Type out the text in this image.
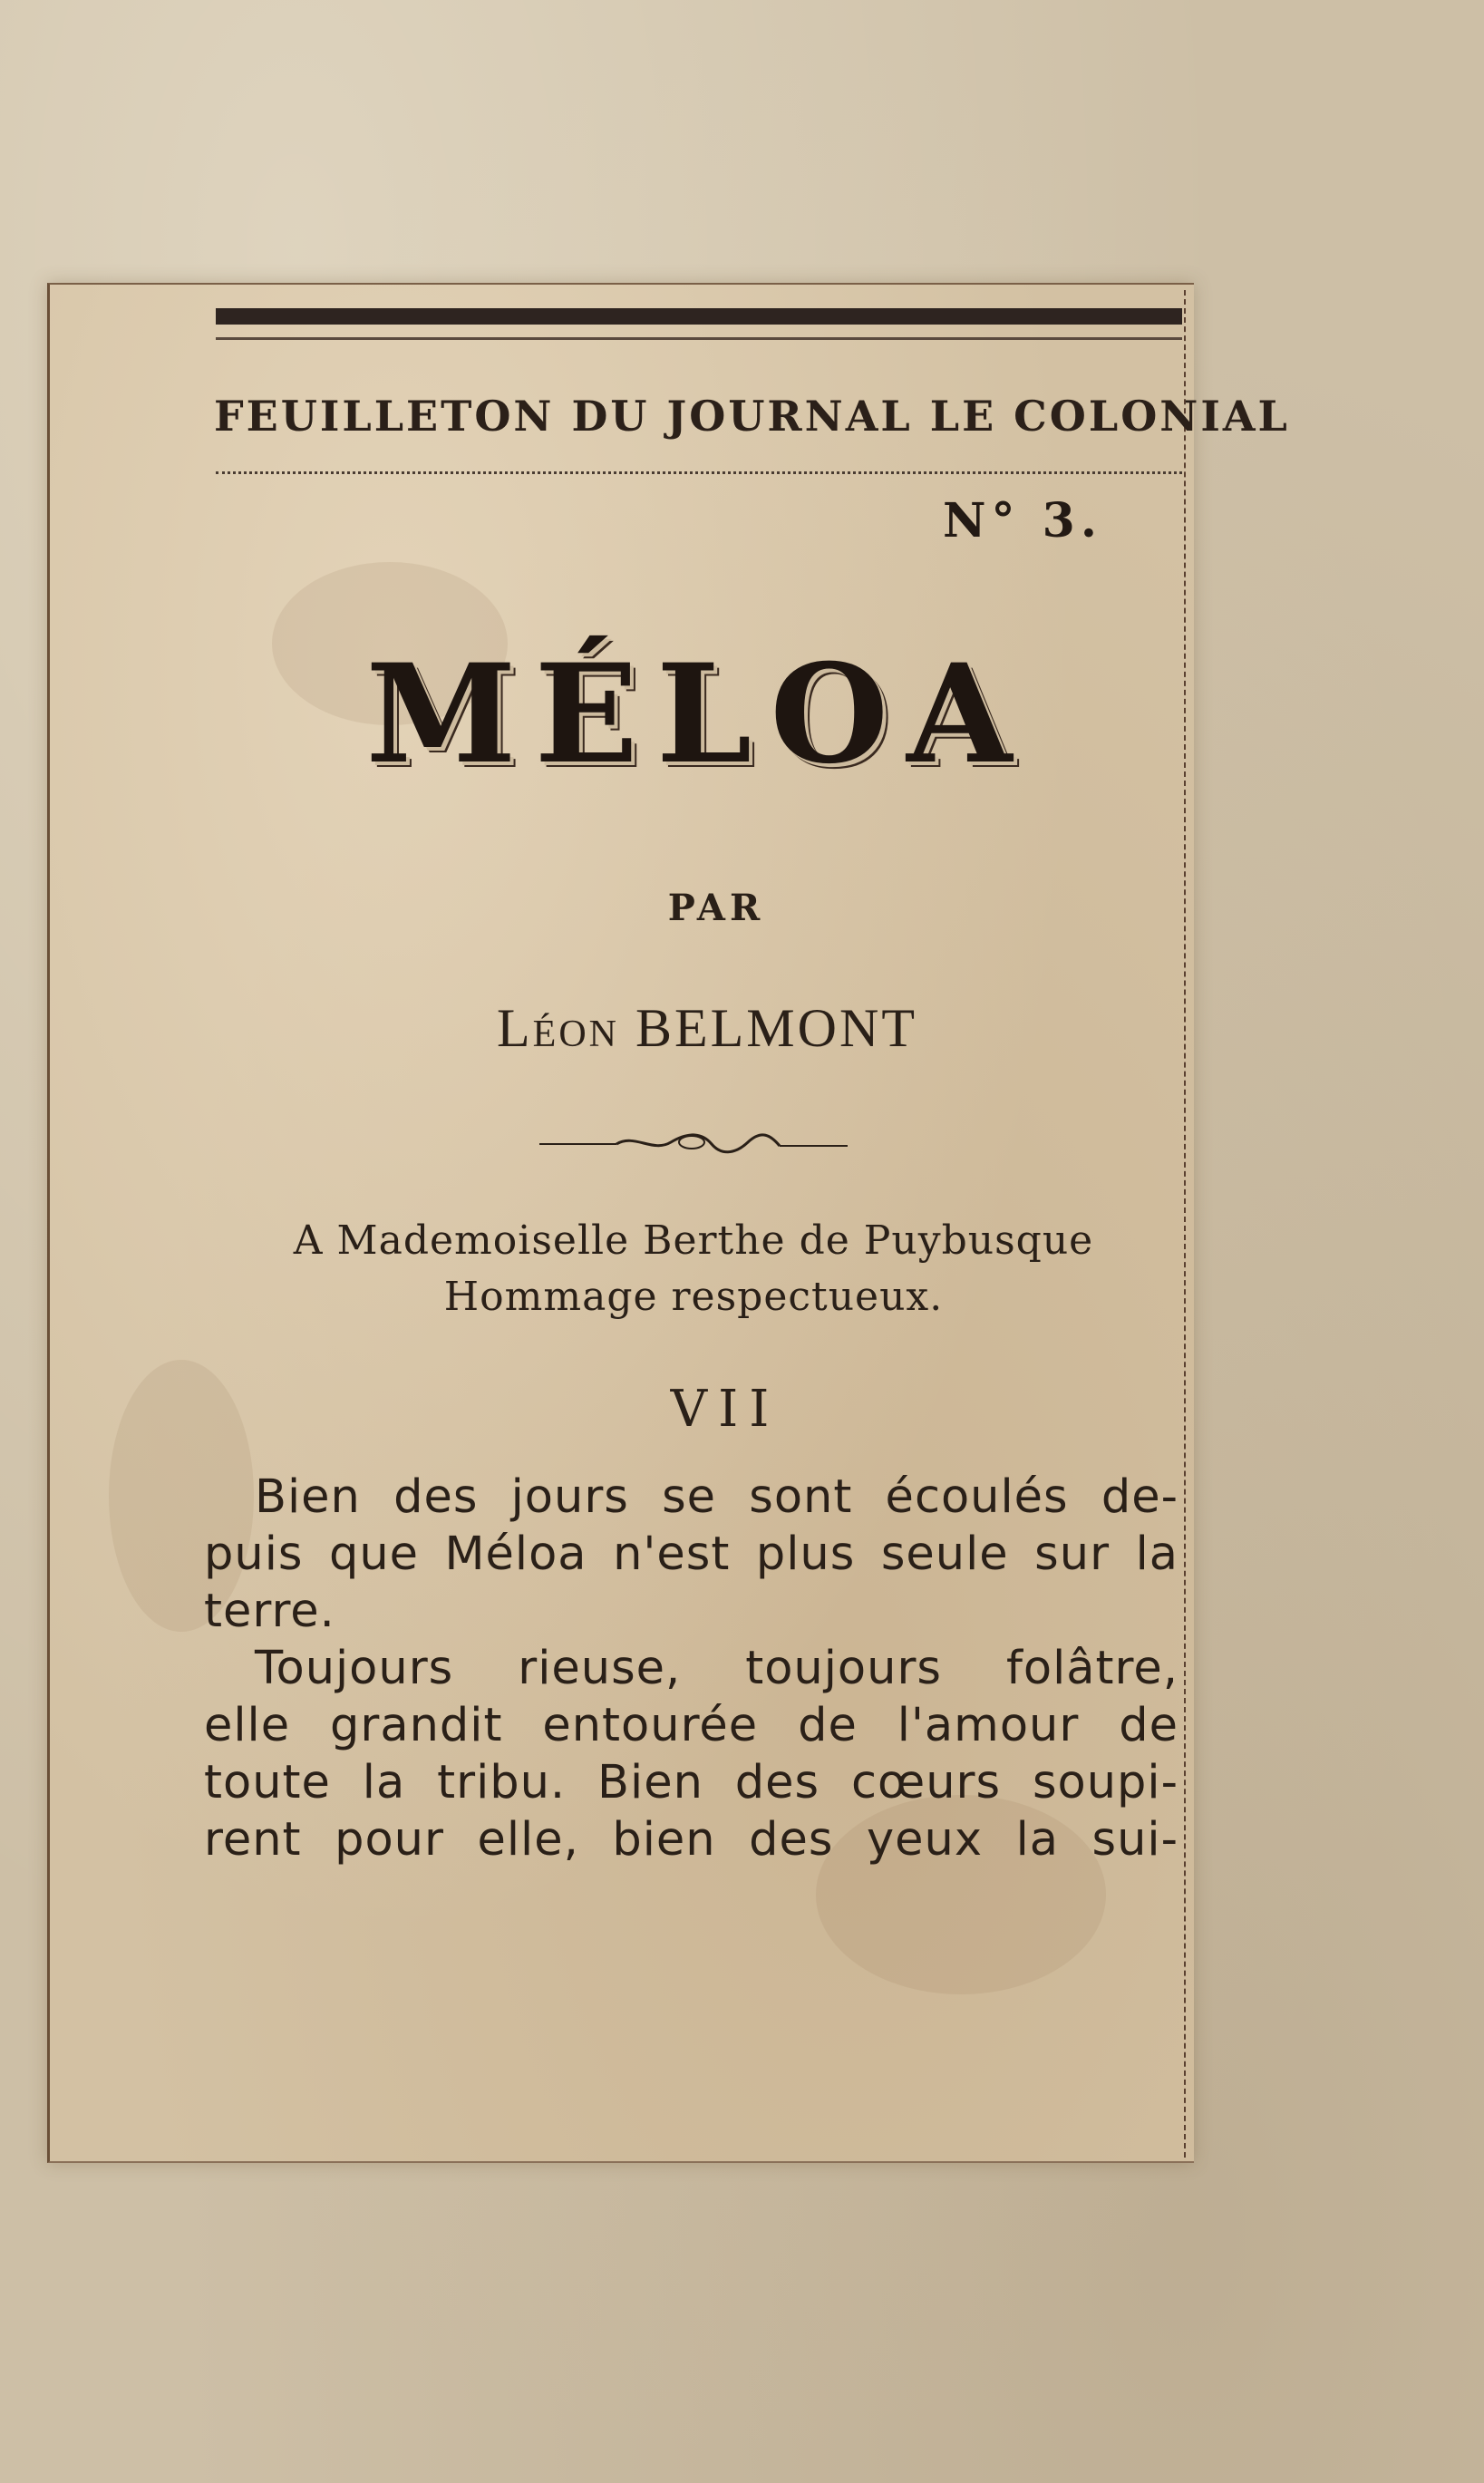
FEUILLETON DU JOURNAL LE COLONIAL
N° 3.
MÉLOA
PAR
Léon BELMONT
A Mademoiselle Berthe de Puybusque
Hommage respectueux.
VII
Bien des jours se sont écoulés de-
puis que Méloa n'est plus seule sur la
terre.
Toujours rieuse, toujours folâtre,
elle grandit entourée de l'amour de
toute la tribu. Bien des cœurs soupi-
rent pour elle, bien des yeux la sui-
